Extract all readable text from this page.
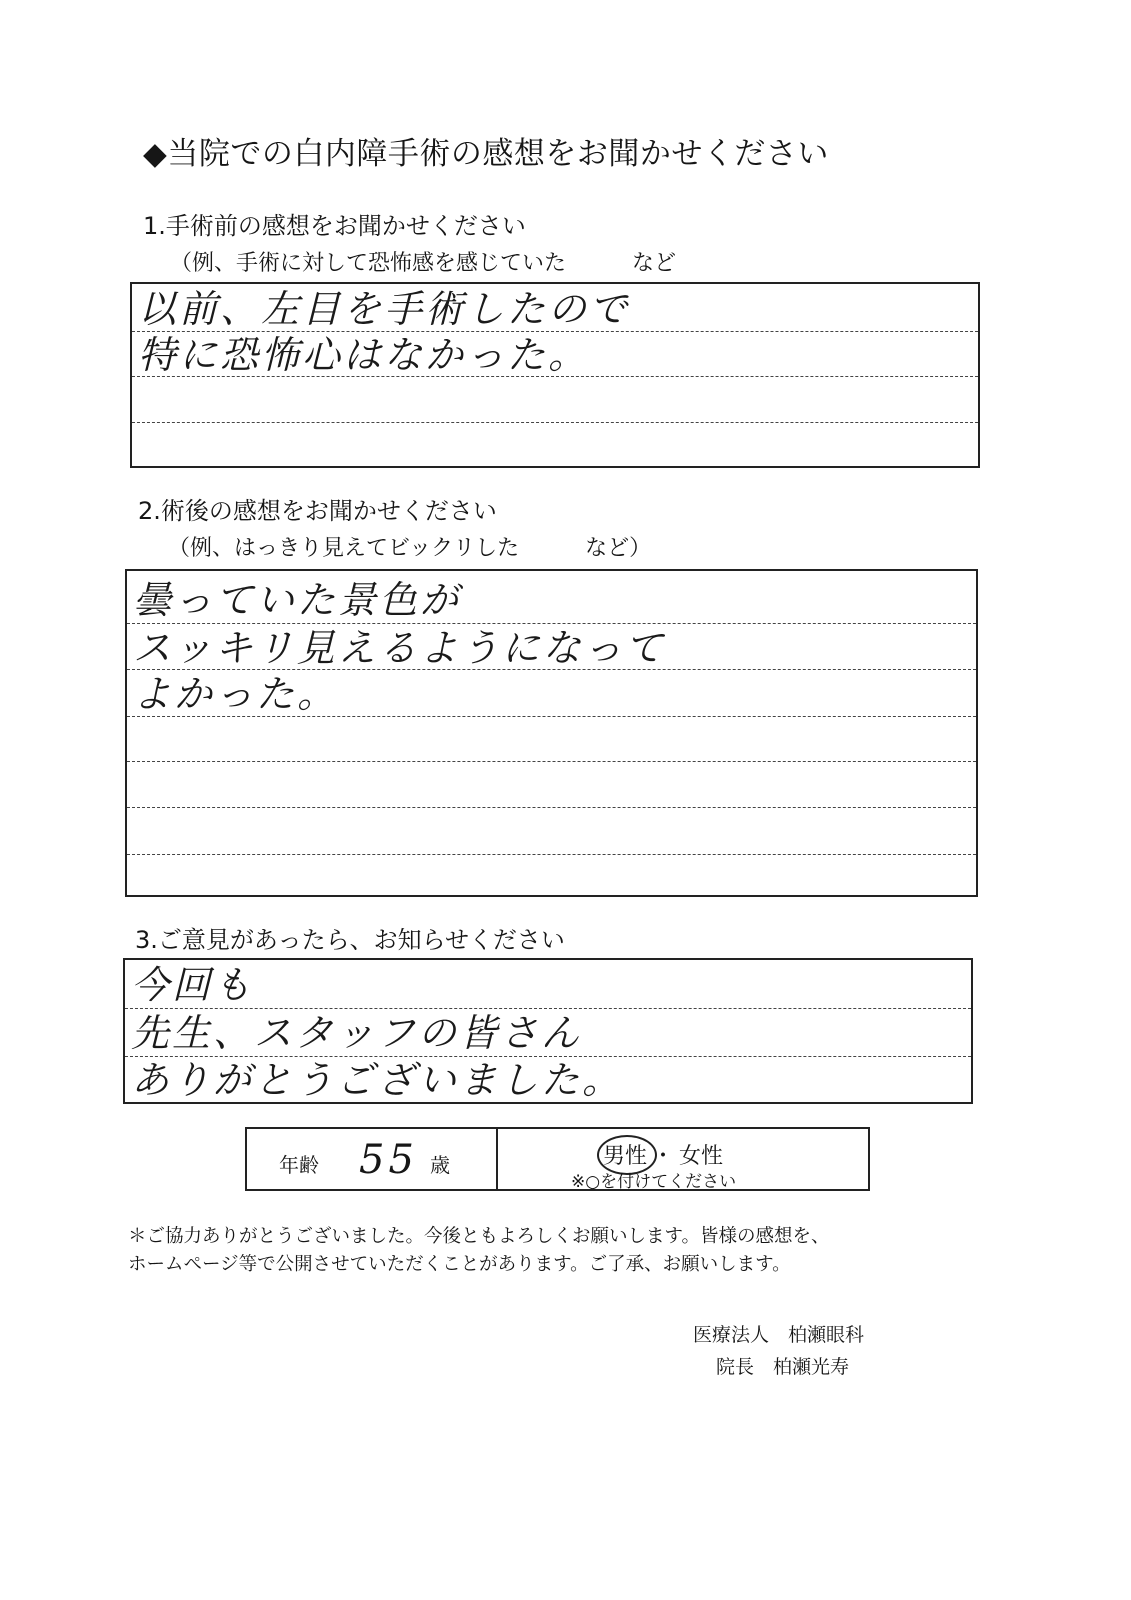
◆当院での白内障手術の感想をお聞かせください
1.手術前の感想をお聞かせください
（例、手術に対して恐怖感を感じていた　　　など
以前、左目を手術したので
特に恐怖心はなかった。
2.術後の感想をお聞かせください
（例、はっきり見えてビックリした　　　など）
曇っていた景色が
スッキリ見えるようになって
よかった。
3.ご意見があったら、お知らせください
今回も
先生、スタッフの皆さん
ありがとうございました。
年齢 55 歳	男性 ・ 女性
※○を付けてください
＊ご協力ありがとうございました。今後ともよろしくお願いします。皆様の感想を、
ホームページ等で公開させていただくことがあります。ご了承、お願いします。
医療法人　柏瀬眼科
院長　柏瀬光寿
